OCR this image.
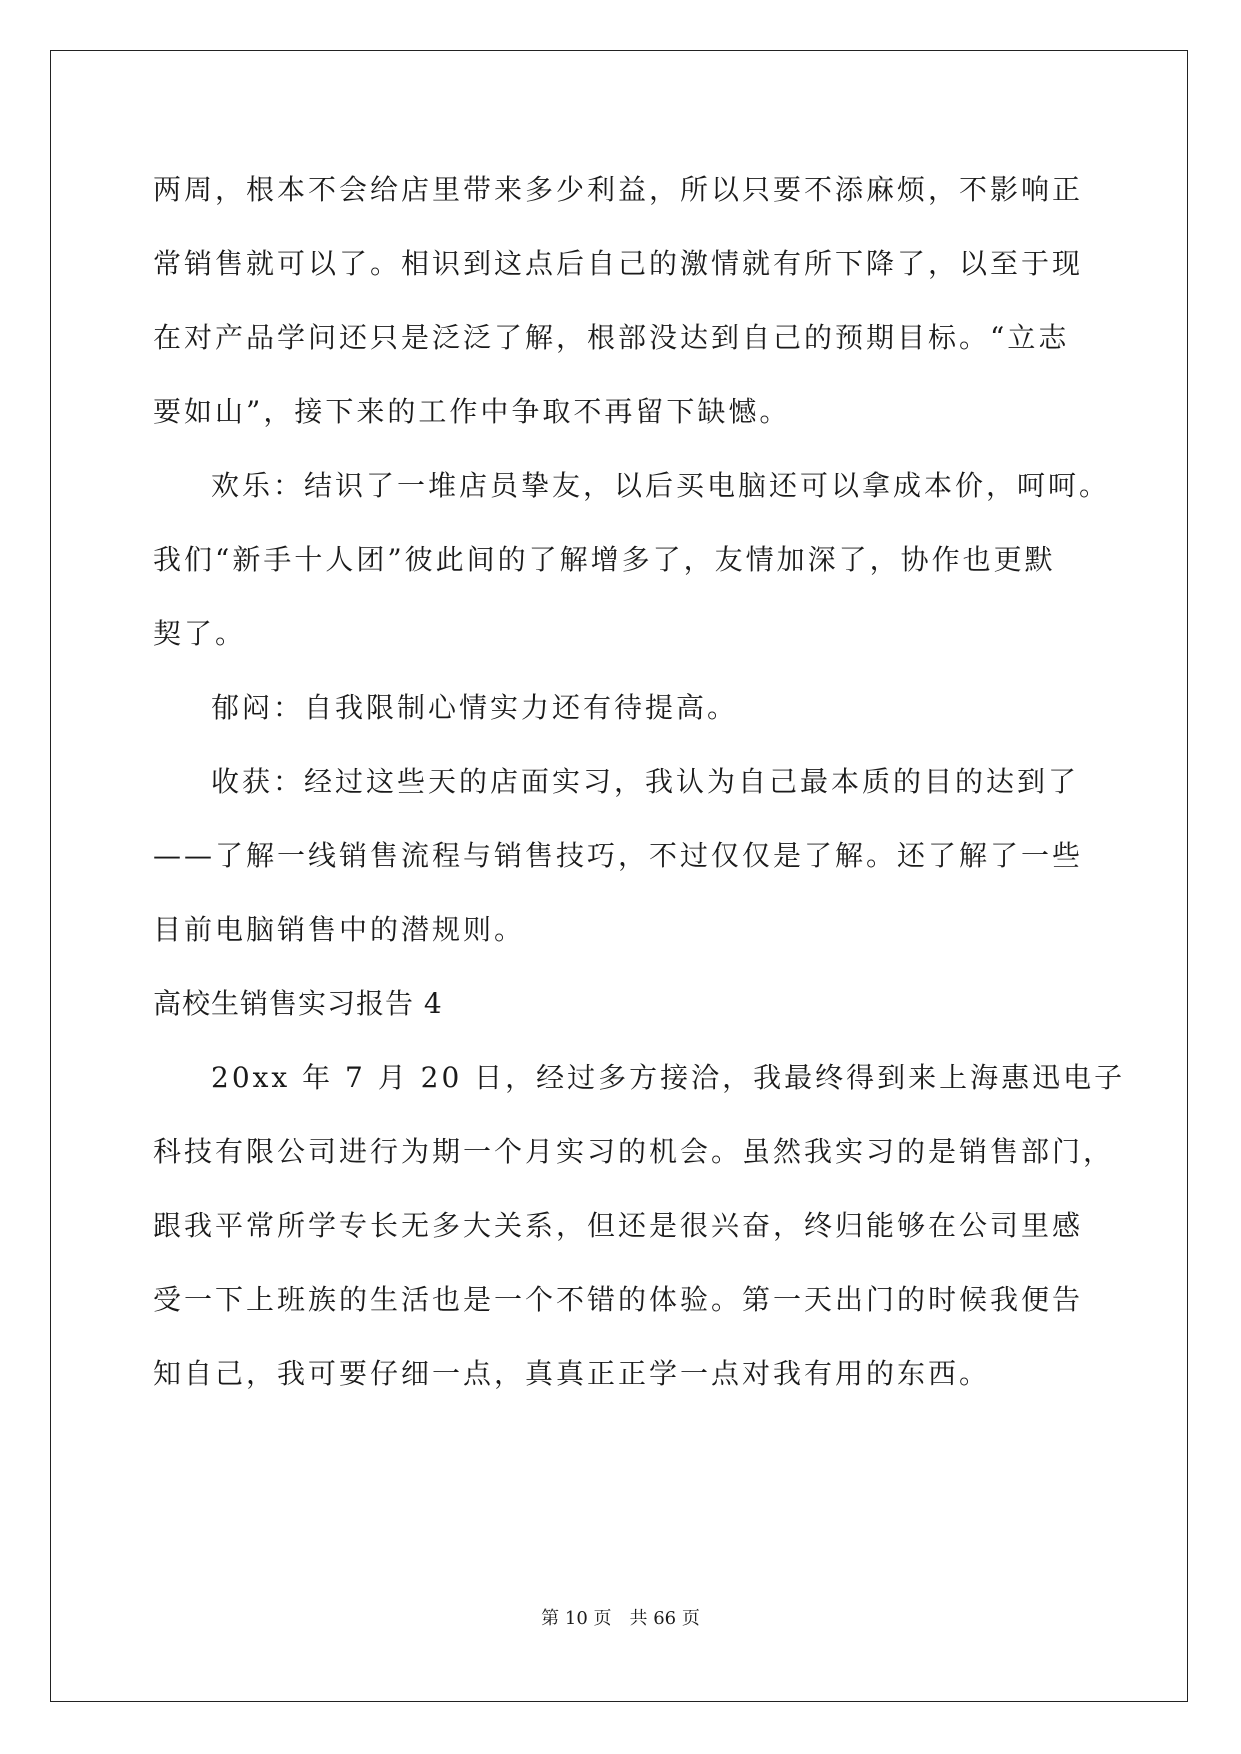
两周，根本不会给店里带来多少利益，所以只要不添麻烦，不影响正
常销售就可以了。相识到这点后自己的激情就有所下降了，以至于现
在对产品学问还只是泛泛了解，根部没达到自己的预期目标。“立志
要如山”，接下来的工作中争取不再留下缺憾。
欢乐：结识了一堆店员挚友，以后买电脑还可以拿成本价，呵呵。
我们“新手十人团”彼此间的了解增多了，友情加深了，协作也更默
契了。
郁闷：自我限制心情实力还有待提高。
收获：经过这些天的店面实习，我认为自己最本质的目的达到了
——了解一线销售流程与销售技巧，不过仅仅是了解。还了解了一些
目前电脑销售中的潜规则。
高校生销售实习报告 4
20xx 年 7 月 20 日，经过多方接洽，我最终得到来上海惠迅电子
科技有限公司进行为期一个月实习的机会。虽然我实习的是销售部门，
跟我平常所学专长无多大关系，但还是很兴奋，终归能够在公司里感
受一下上班族的生活也是一个不错的体验。第一天出门的时候我便告
知自己，我可要仔细一点，真真正正学一点对我有用的东西。
第 10 页 共 66 页
